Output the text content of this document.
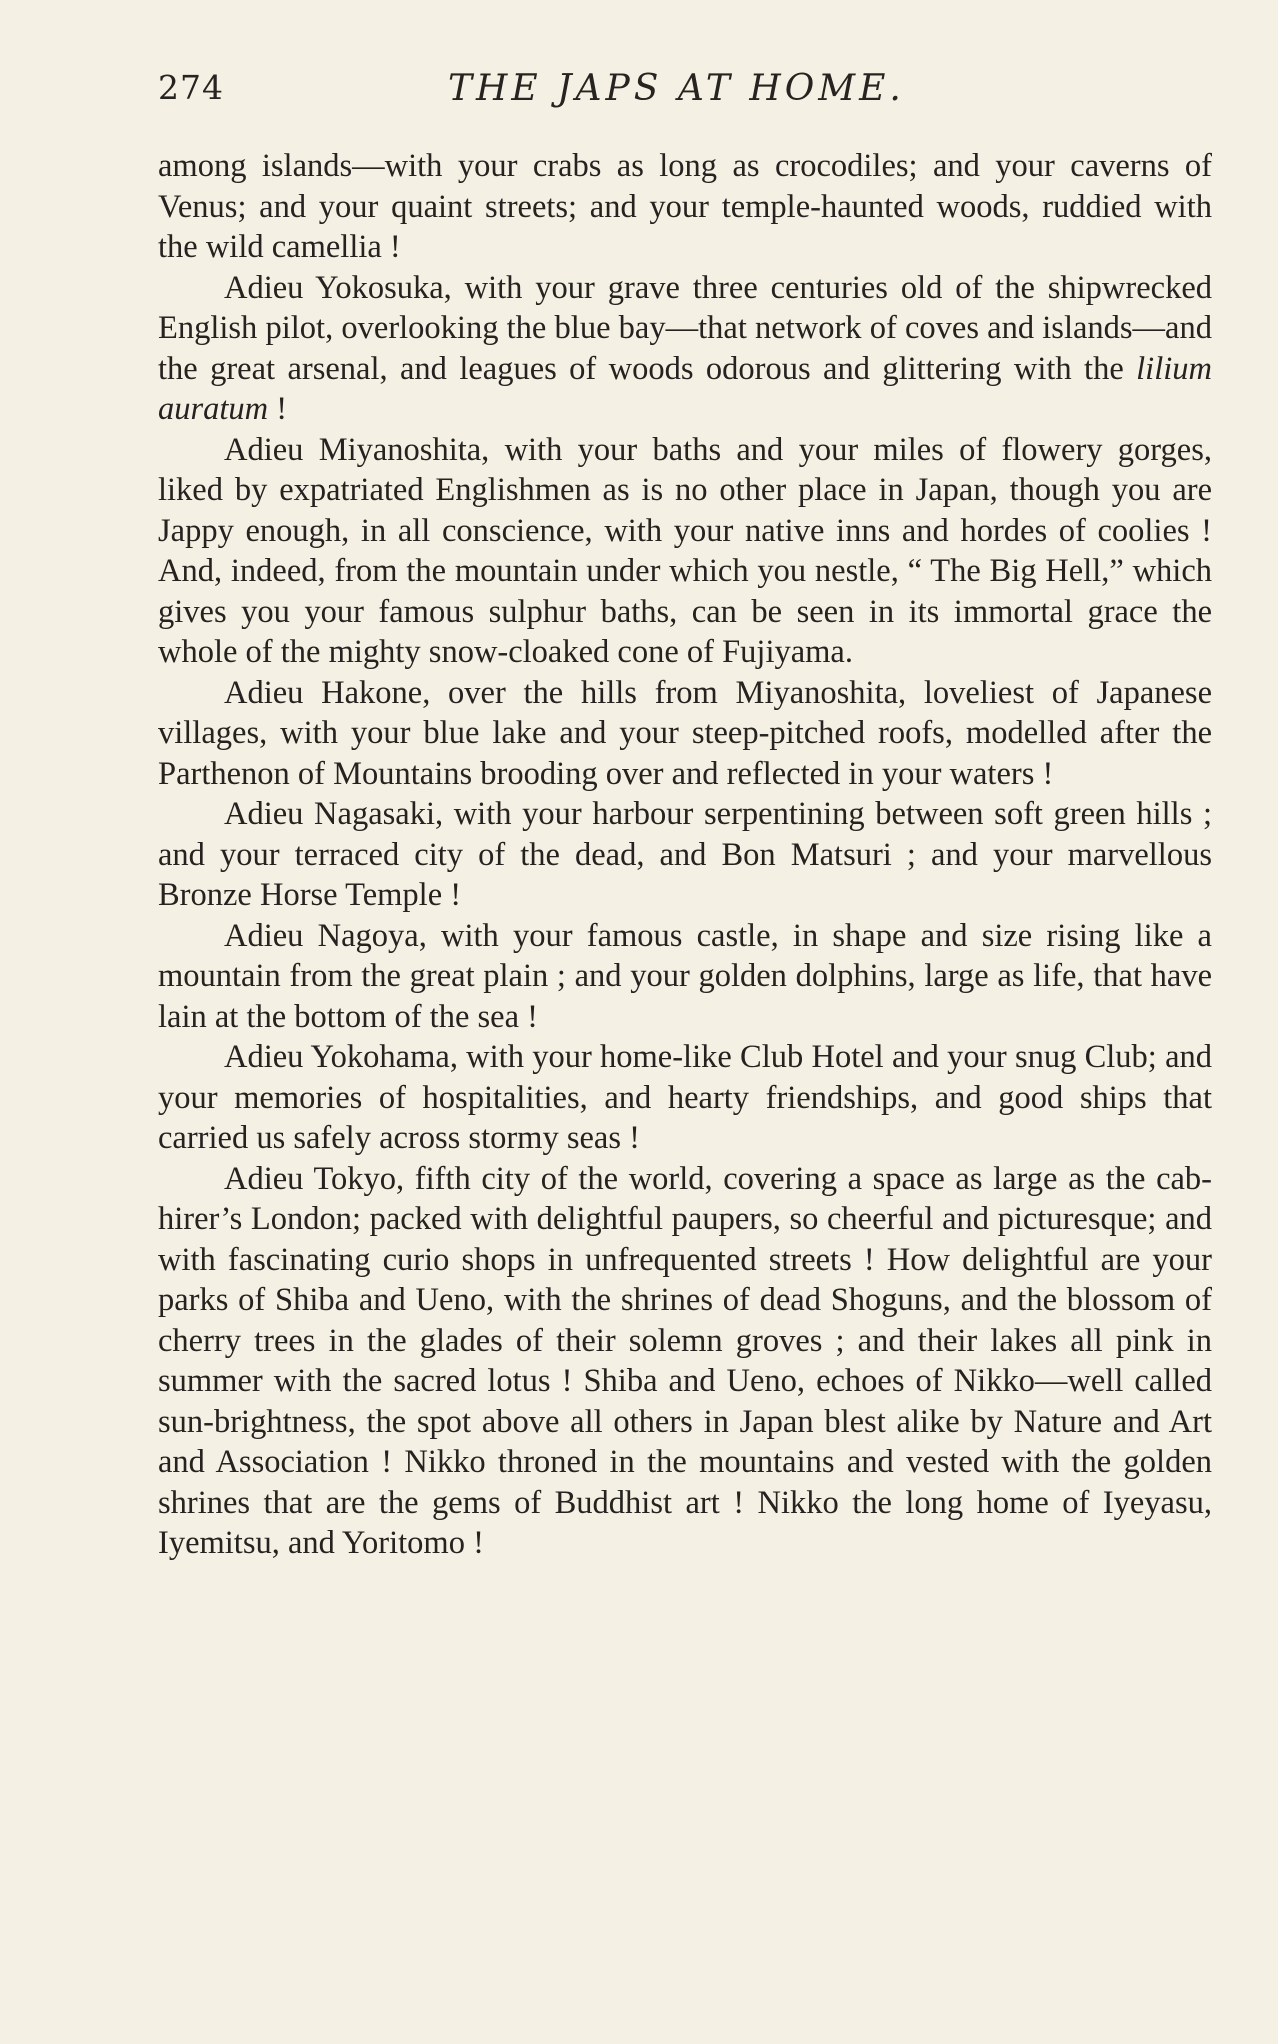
274	THE JAPS AT HOME.

among islands—with your crabs as long as crocodiles; and your caverns of Venus; and your quaint streets; and your temple-haunted woods, ruddied with the wild camellia !

Adieu Yokosuka, with your grave three centuries old of the shipwrecked English pilot, overlooking the blue bay—that network of coves and islands—and the great arsenal, and leagues of woods odorous and glittering with the lilium auratum !

Adieu Miyanoshita, with your baths and your miles of flowery gorges, liked by expatriated Englishmen as is no other place in Japan, though you are Jappy enough, in all conscience, with your native inns and hordes of coolies ! And, indeed, from the mountain under which you nestle, “ The Big Hell,” which gives you your famous sulphur baths, can be seen in its immortal grace the whole of the mighty snow-cloaked cone of Fujiyama.

Adieu Hakone, over the hills from Miyanoshita, loveliest of Japanese villages, with your blue lake and your steep-pitched roofs, modelled after the Parthenon of Mountains brooding over and reflected in your waters !

Adieu Nagasaki, with your harbour serpentining between soft green hills ; and your terraced city of the dead, and Bon Matsuri ; and your marvellous Bronze Horse Temple !

Adieu Nagoya, with your famous castle, in shape and size rising like a mountain from the great plain ; and your golden dolphins, large as life, that have lain at the bottom of the sea !

Adieu Yokohama, with your home-like Club Hotel and your snug Club; and your memories of hospitalities, and hearty friendships, and good ships that carried us safely across stormy seas !

Adieu Tokyo, fifth city of the world, covering a space as large as the cab-hirer’s London; packed with delightful paupers, so cheerful and picturesque; and with fascinating curio shops in unfrequented streets ! How delightful are your parks of Shiba and Ueno, with the shrines of dead Shoguns, and the blossom of cherry trees in the glades of their solemn groves ; and their lakes all pink in summer with the sacred lotus ! Shiba and Ueno, echoes of Nikko—well called sun-brightness, the spot above all others in Japan blest alike by Nature and Art and Association ! Nikko throned in the mountains and vested with the golden shrines that are the gems of Buddhist art ! Nikko the long home of Iyeyasu, Iyemitsu, and Yoritomo !
